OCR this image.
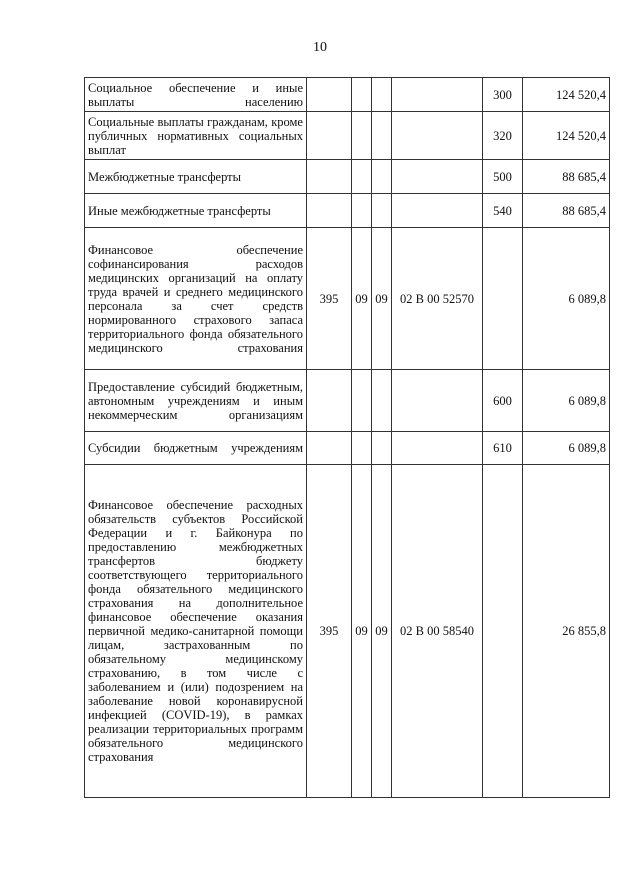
10
Социальное обеспечение и иные выплаты населению					300	124 520,4
Социальные выплаты гражданам, кроме публичных нормативных социальных выплат					320	124 520,4
Межбюджетные трансферты					500	88 685,4
Иные межбюджетные трансферты					540	88 685,4
Финансовое обеспечение софинансирования расходов медицинских организаций на оплату труда врачей и среднего медицинского персонала за счет средств нормированного страхового запаса территориального фонда обязательного медицинского страхования	395	09	09	02 В 00 52570		6 089,8
Предоставление субсидий бюджетным, автономным учреждениям и иным некоммерческим организациям					600	6 089,8
Субсидии бюджетным учреждениям					610	6 089,8
Финансовое обеспечение расходных обязательств субъектов Российской Федерации и г. Байконура по предоставлению межбюджетных трансфертов бюджету соответствующего территориального фонда обязательного медицинского страхования на дополнительное финансовое обеспечение оказания первичной медико-санитарной помощи лицам, застрахованным по обязательному медицинскому страхованию, в том числе с заболеванием и (или) подозрением на заболевание новой коронавирусной инфекцией (COVID-19), в рамках реализации территориальных программ обязательного медицинского страхования	395	09	09	02 В 00 58540		26 855,8
